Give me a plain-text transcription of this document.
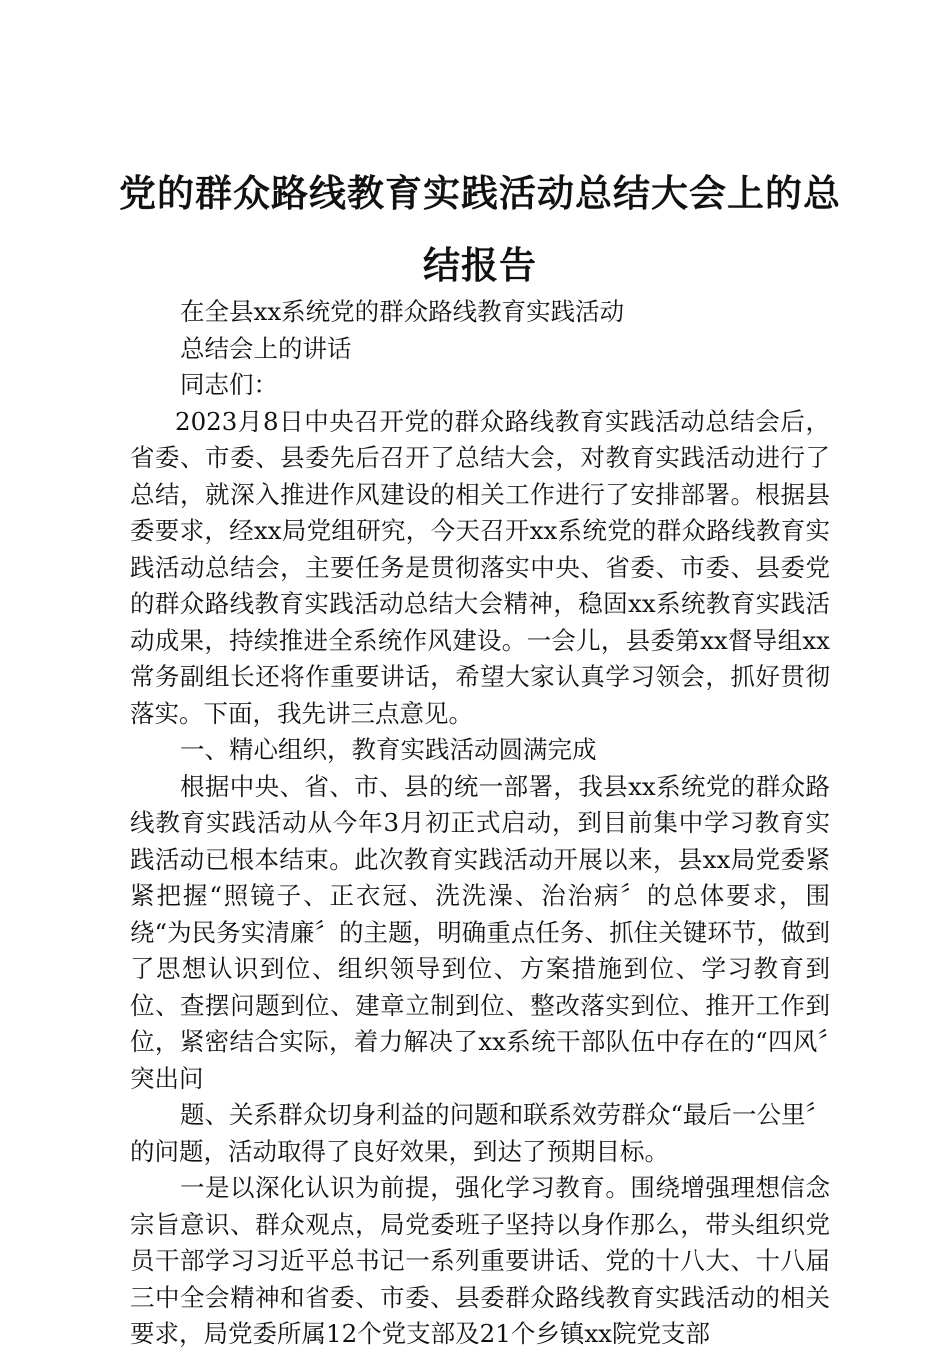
党的群众路线教育实践活动总结大会上的总结报告

在全县xx系统党的群众路线教育实践活动

总结会上的讲话

同志们：

2023月8日中央召开党的群众路线教育实践活动总结会后，省委、市委、县委先后召开了总结大会，对教育实践活动进行了总结，就深入推进作风建设的相关工作进行了安排部署。根据县委要求，经xx局党组研究，今天召开xx系统党的群众路线教育实践活动总结会，主要任务是贯彻落实中央、省委、市委、县委党的群众路线教育实践活动总结大会精神，稳固xx系统教育实践活动成果，持续推进全系统作风建设。一会儿，县委第xx督导组xx常务副组长还将作重要讲话，希望大家认真学习领会，抓好贯彻落实。下面，我先讲三点意见。

一、精心组织，教育实践活动圆满完成

根据中央、省、市、县的统一部署，我县xx系统党的群众路线教育实践活动从今年3月初正式启动，到目前集中学习教育实践活动已根本结束。此次教育实践活动开展以来，县xx局党委紧紧把握“照镜子、正衣冠、洗洗澡、治治病〞的总体要求，围绕“为民务实清廉〞的主题，明确重点任务、抓住关键环节，做到了思想认识到位、组织领导到位、方案措施到位、学习教育到位、查摆问题到位、建章立制到位、整改落实到位、推开工作到位，紧密结合实际，着力解决了xx系统干部队伍中存在的“四风〞突出问

题、关系群众切身利益的问题和联系效劳群众“最后一公里〞的问题，活动取得了良好效果，到达了预期目标。

一是以深化认识为前提，强化学习教育。围绕增强理想信念宗旨意识、群众观点，局党委班子坚持以身作那么，带头组织党员干部学习习近平总书记一系列重要讲话、党的十八大、十八届三中全会精神和省委、市委、县委群众路线教育实践活动的相关要求，局党委所属12个党支部及21个乡镇xx院党支部
